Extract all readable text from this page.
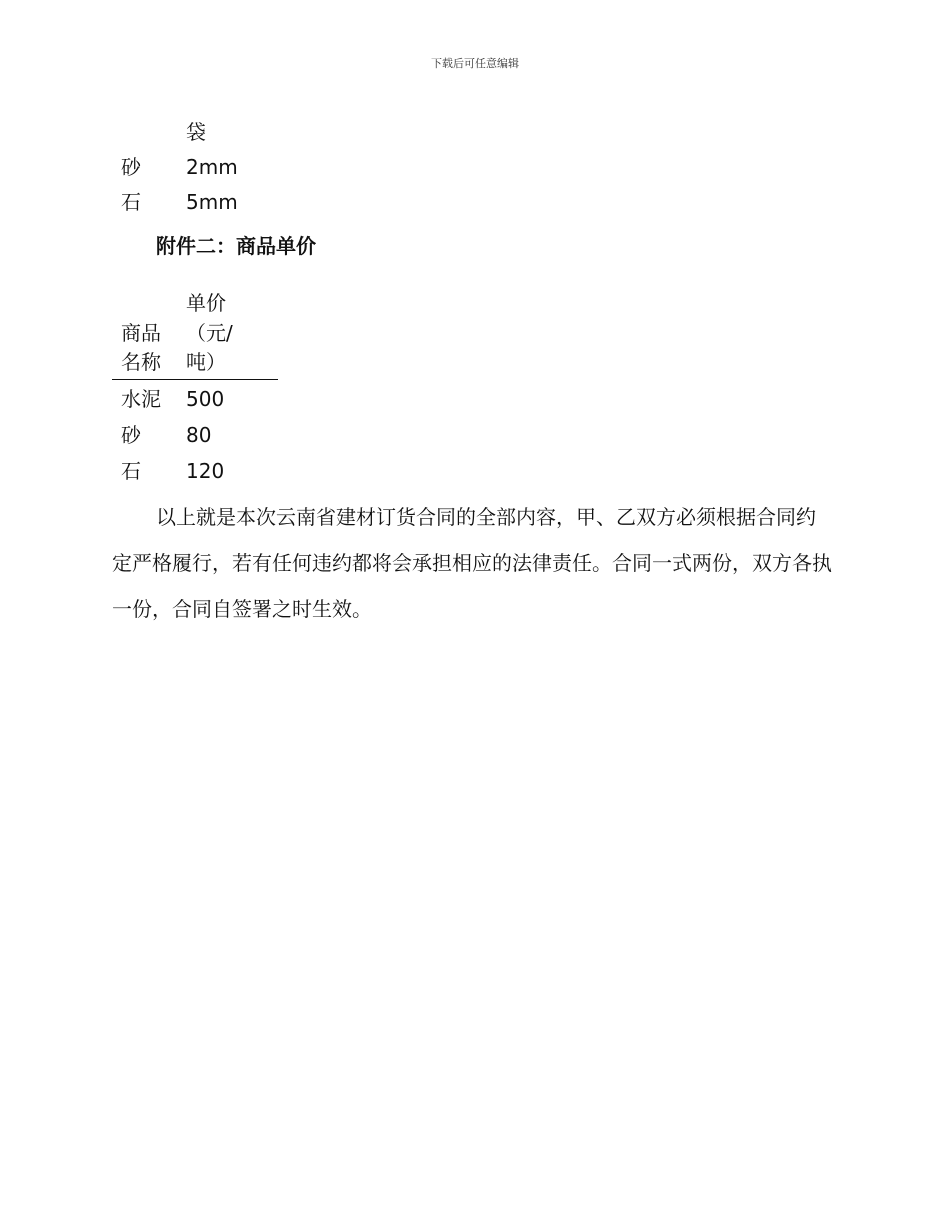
下载后可任意编辑
袋
砂 2mm
石 5mm
附件二：商品单价
单价
商品 （元/
名称 吨）
水泥 500
砂 80
石 120

以上就是本次云南省建材订货合同的全部内容，甲、乙双方必须根据合同约定严格履行，若有任何违约都将会承担相应的法律责任。合同一式两份，双方各执一份，合同自签署之时生效。
